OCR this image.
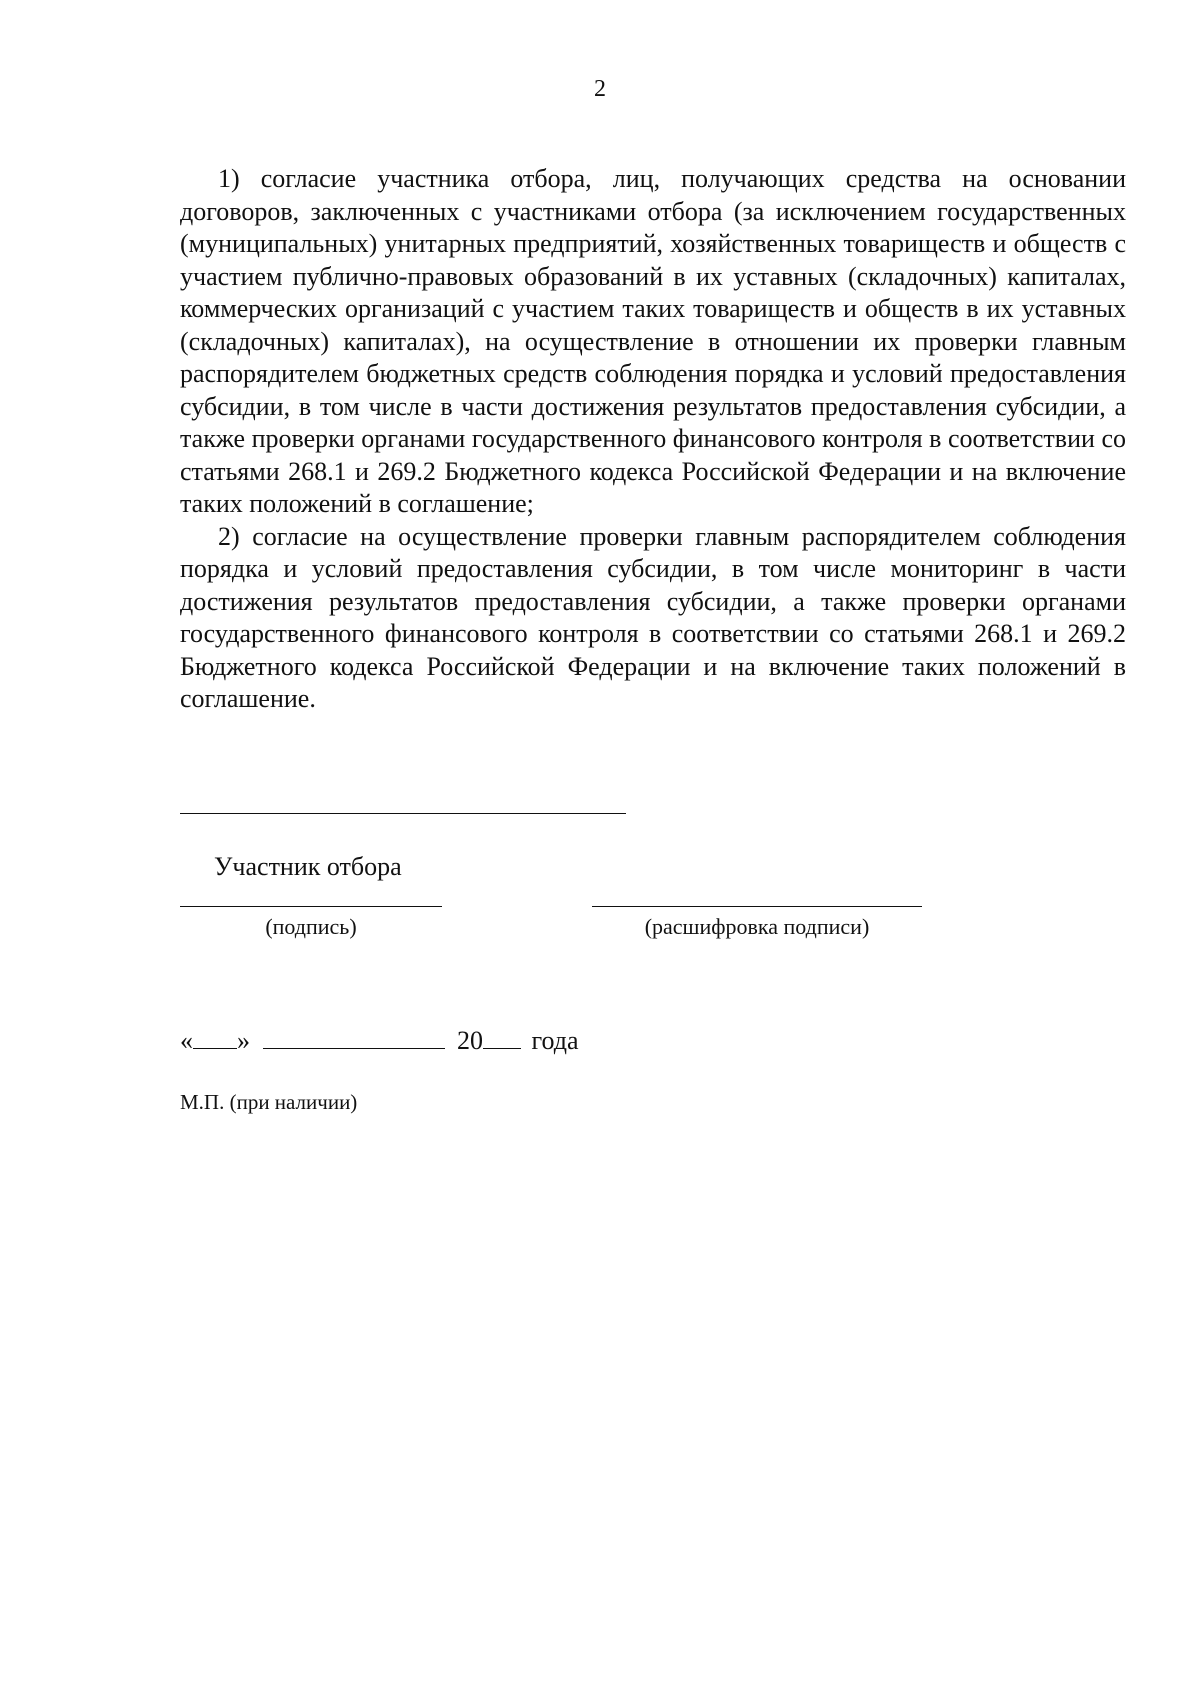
2

1) согласие участника отбора, лиц, получающих средства на основании договоров, заключенных с участниками отбора (за исключением государственных (муниципальных) унитарных предприятий, хозяйственных товариществ и обществ с участием публично-правовых образований в их уставных (складочных) капиталах, коммерческих организаций с участием таких товариществ и обществ в их уставных (складочных) капиталах), на осуществление в отношении их проверки главным распорядителем бюджетных средств соблюдения порядка и условий предоставления субсидии, в том числе в части достижения результатов предоставления субсидии, а также проверки органами государственного финансового контроля в соответствии со статьями 268.1 и 269.2 Бюджетного кодекса Российской Федерации и на включение таких положений в соглашение;

2) согласие на осуществление проверки главным распорядителем соблюдения порядка и условий предоставления субсидии, в том числе мониторинг в части достижения результатов предоставления субсидии, а также проверки органами государственного финансового контроля в соответствии со статьями 268.1 и 269.2 Бюджетного кодекса Российской Федерации и на включение таких положений в соглашение.

Участник отбора
(подпись)	(расшифровка подписи)
« »	20 года
М.П. (при наличии)
